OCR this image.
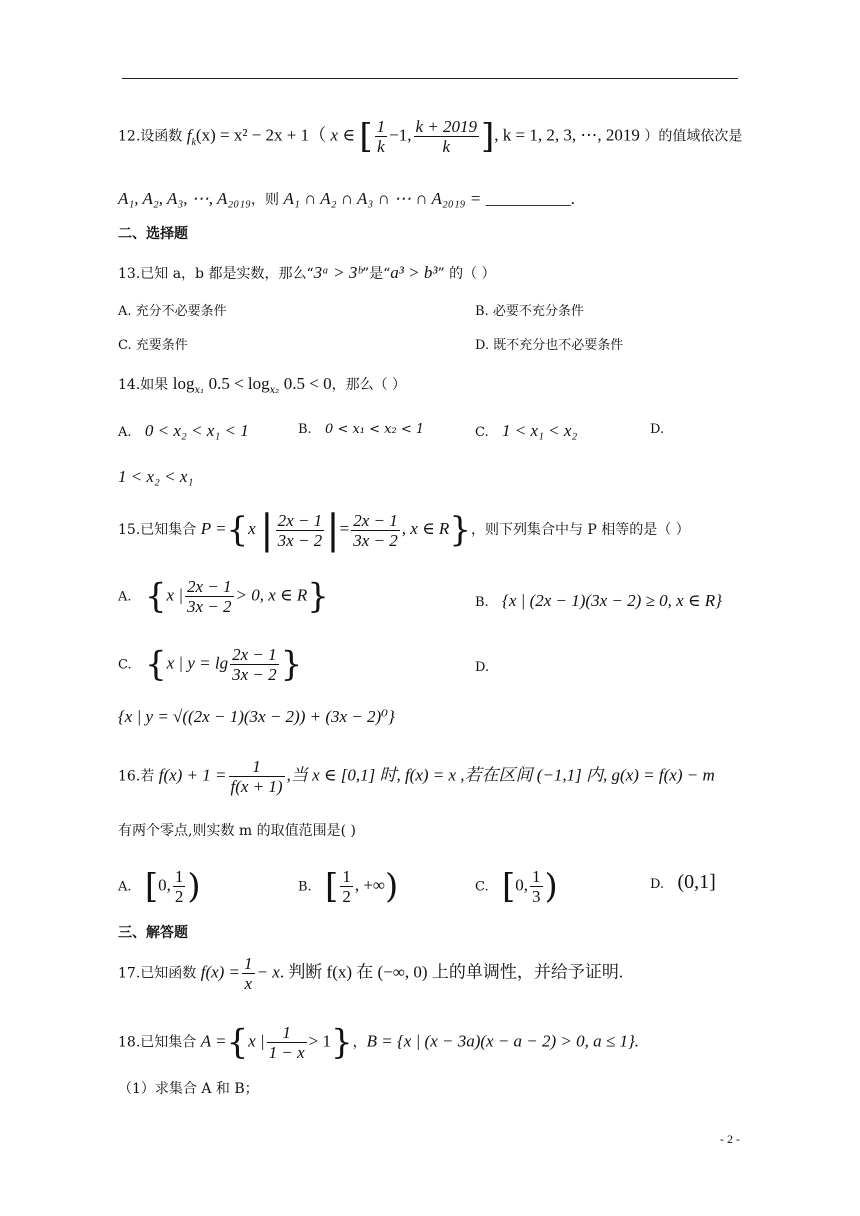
12.设函数 $f_k(x) = x^2 - 2x + 1$（ x ∈ [ $\frac{1}{k} -1$, $\frac{k + 2019}{k}$ ], k = 1, 2, 3, ⋯, 2019 ）的值域依次是
A₁, A₂, A₃, ⋯, A₂₀₁₉，则 A₁ ∩ A₂ ∩ A₃ ∩ ⋯ ∩ A₂₀₁₉ = __________.
二、选择题
13.已知 a，b 都是实数，那么“3ᵃ > 3ᵇ”是“a³ > b³” 的（ ）
A. 充分不必要条件	B. 必要不充分条件
C. 充要条件	D. 既不充分也不必要条件
14.如果 $\log_{x_1} 0.5 < \log_{x_2} 0.5 < 0$，那么（ ）
A. 0 < x₂ < x₁ < 1	B. 0 < x₁ < x₂ < 1	C. 1 < x₁ < x₂	D.
1 < x₂ < x₁
15.已知集合 P ={x | $\frac{2x - 1}{3x - 2}$ |= $\frac{2x - 1}{3x - 2}$ , x ∈ R}，则下列集合中与 P 相等的是（ ）
A. {x | $\frac{2x - 1}{3x - 2} > 0$, x ∈ R}	B. {x | (2x − 1)(3x − 2) ≥ 0, x ∈ R}
C. {x | $y = \lg \frac{2x - 1}{3x - 2}$ }	D.
{x | y = √((2x − 1)(3x − 2)) + (3x − 2)⁰}
16.若 $f(x) + 1 = \frac{1}{f(x + 1)}$ ,当 x ∈ [0,1] 时, f(x) = x ,若在区间 (−1,1] 内, g(x) = f(x) − m
有两个零点,则实数 m 的取值范围是( )
A. [0, $\frac{1}{2}$ )	B. [ $\frac{1}{2}$ , +∞)	C. [0, $\frac{1}{3}$ )	D. (0,1]
三、解答题
17.已知函数 $f(x) = \frac{1}{x} - x$. 判断 f(x) 在 (−∞, 0) 上的单调性，并给予证明.
18.已知集合 A ={x | $\frac{1}{1 - x} > 1$}，B = {x | (x − 3a)(x − a − 2) > 0, a ≤ 1}.
（1）求集合 A 和 B；
- 2 -
